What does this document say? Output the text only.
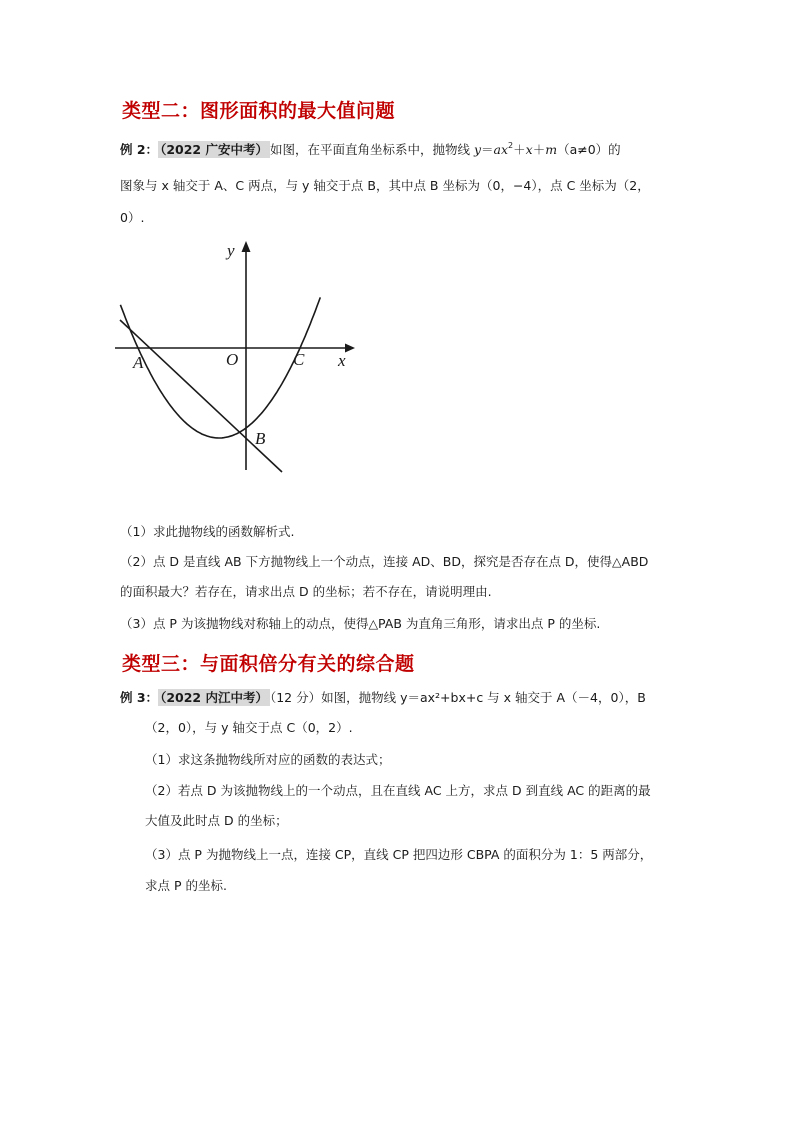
类型二：图形面积的最大值问题
例 2： （2022 广安中考） 如图，在平面直角坐标系中，抛物线 $y=ax^2+x+m(a\ne 0)$的
图象与 x 轴交于 A、C 两点，与 y 轴交于点 B，其中点 B 坐标为（0，−4），点 C 坐标为（2，
0）.
y
x
A	O	C
B
（1）求此抛物线的函数解析式.
（2）点 D 是直线 AB 下方抛物线上一个动点，连接 AD、BD，探究是否存在点 D，使得△ABD
的面积最大？若存在，请求出点 D 的坐标；若不存在，请说明理由.
（3）点 P 为该抛物线对称轴上的动点，使得△PAB 为直角三角形，请求出点 P 的坐标.
类型三：与面积倍分有关的综合题
例 3： （2022 内江中考） （12 分）如图，抛物线 y＝ax²+bx+c 与 x 轴交于 A（－4，0），B
（2，0），与 y 轴交于点 C（0，2）.
（1）求这条抛物线所对应的函数的表达式；
（2）若点 D 为该抛物线上的一个动点，且在直线 AC 上方，求点 D 到直线 AC 的距离的最
大值及此时点 D 的坐标；
（3）点 P 为抛物线上一点，连接 CP，直线 CP 把四边形 CBPA 的面积分为 1：5 两部分，
求点 P 的坐标.
